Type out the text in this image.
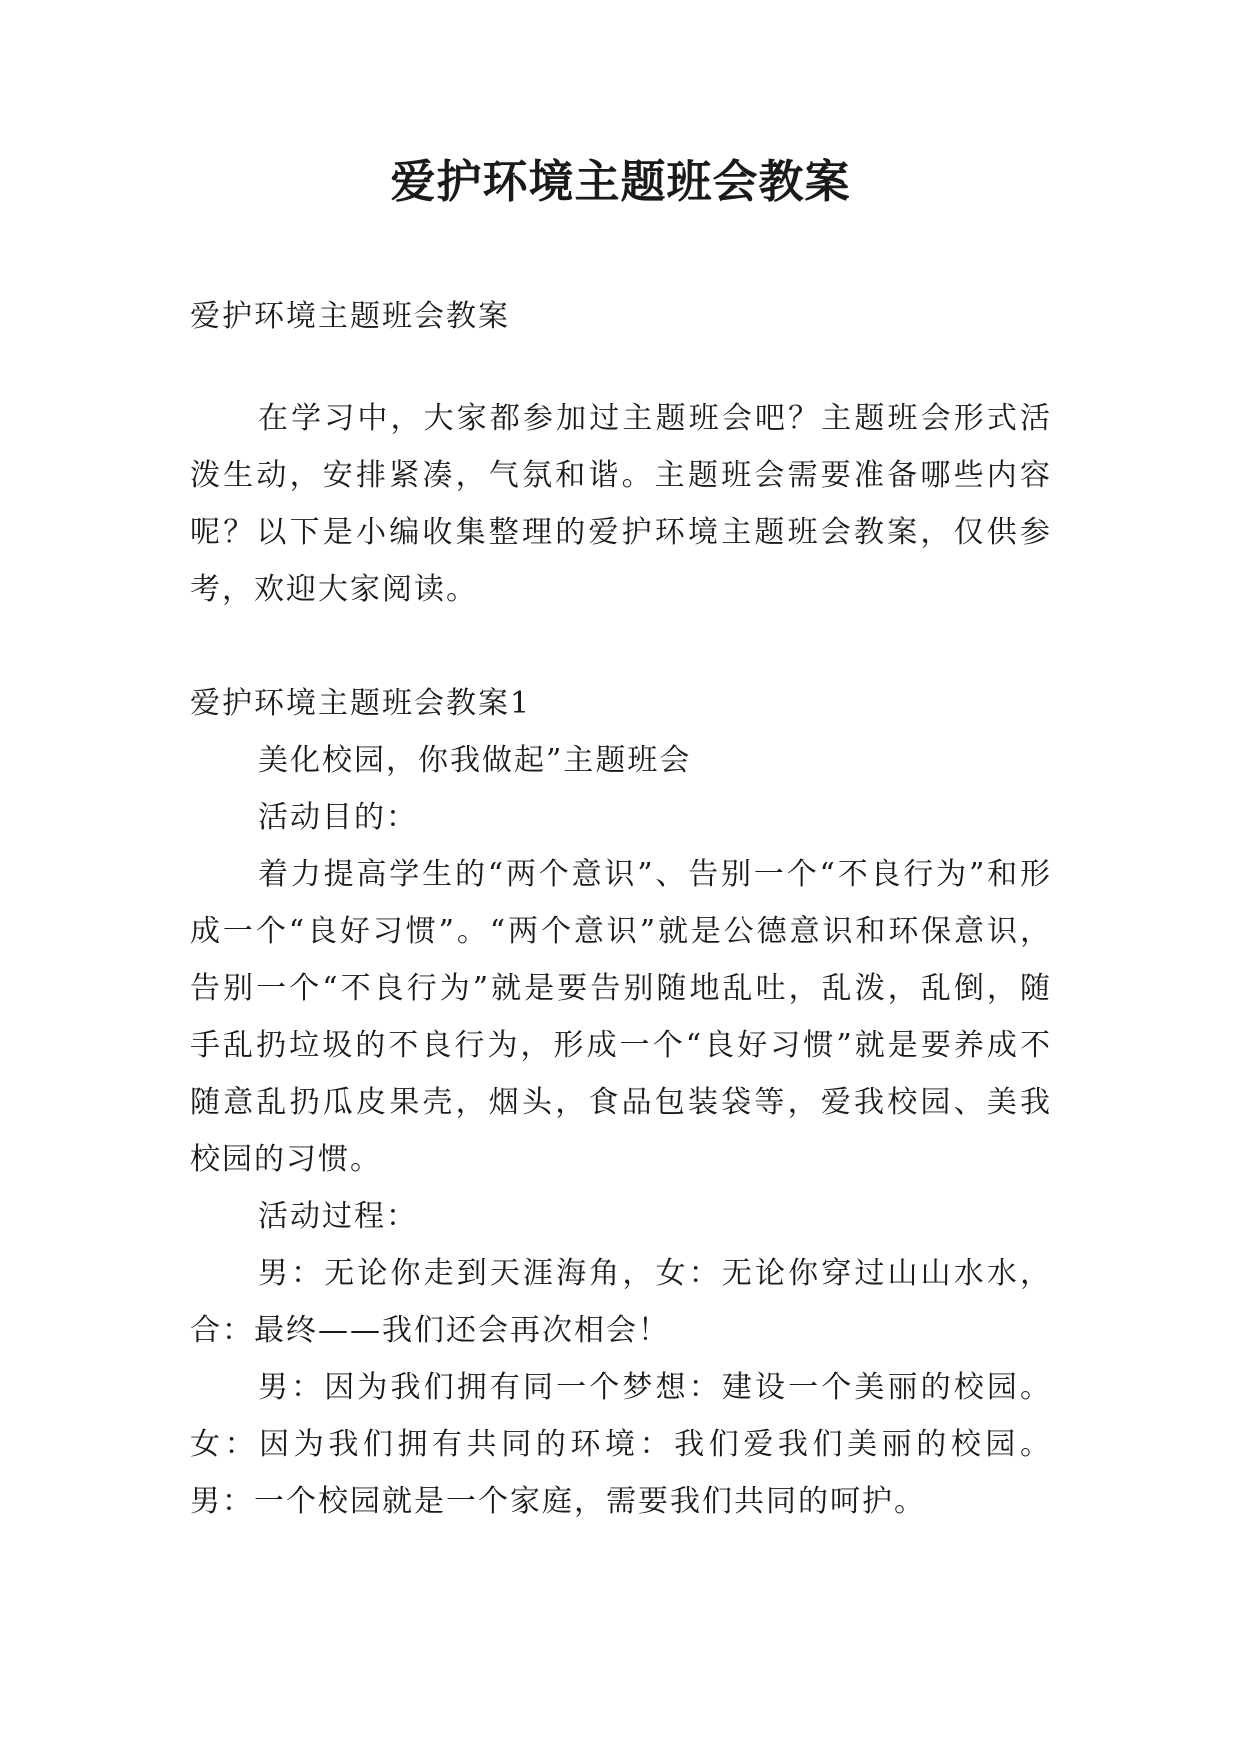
爱护环境主题班会教案

爱护环境主题班会教案

在学习中，大家都参加过主题班会吧？主题班会形式活泼生动，安排紧凑，气氛和谐。主题班会需要准备哪些内容呢？以下是小编收集整理的爱护环境主题班会教案，仅供参考，欢迎大家阅读。

爱护环境主题班会教案1

美化校园，你我做起”主题班会

活动目的：

着力提高学生的“两个意识”、告别一个“不良行为”和形成一个“良好习惯”。“两个意识”就是公德意识和环保意识，告别一个“不良行为”就是要告别随地乱吐，乱泼，乱倒，随手乱扔垃圾的不良行为，形成一个“良好习惯”就是要养成不随意乱扔瓜皮果壳，烟头，食品包装袋等，爱我校园、美我校园的习惯。

活动过程：

男：无论你走到天涯海角，女：无论你穿过山山水水，合：最终——我们还会再次相会！

男：因为我们拥有同一个梦想：建设一个美丽的校园。女：因为我们拥有共同的环境：我们爱我们美丽的校园。男：一个校园就是一个家庭，需要我们共同的呵护。
